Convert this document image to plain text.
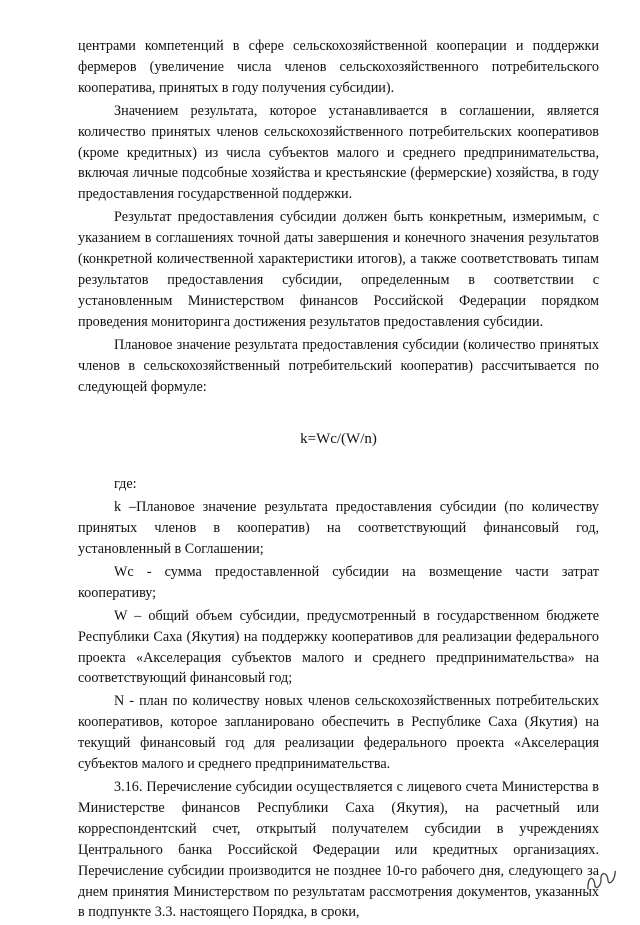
центрами компетенций в сфере сельскохозяйственной кооперации и поддержки фермеров (увеличение числа членов сельскохозяйственного потребительского кооператива, принятых в году получения субсидии).

Значением результата, которое устанавливается в соглашении, является количество принятых членов сельскохозяйственного потребительских кооперативов (кроме кредитных) из числа субъектов малого и среднего предпринимательства, включая личные подсобные хозяйства и крестьянские (фермерские) хозяйства, в году предоставления государственной поддержки.

Результат предоставления субсидии должен быть конкретным, измеримым, с указанием в соглашениях точной даты завершения и конечного значения результатов (конкретной количественной характеристики итогов), а также соответствовать типам результатов предоставления субсидии, определенным в соответствии с установленным Министерством финансов Российской Федерации порядком проведения мониторинга достижения результатов предоставления субсидии.

Плановое значение результата предоставления субсидии (количество принятых членов в сельскохозяйственный потребительский кооператив) рассчитывается по следующей формуле:

k=Wc/(W/n)

где:

k –Плановое значение результата предоставления субсидии (по количеству принятых членов в кооператив) на соответствующий финансовый год, установленный в Соглашении;

Wc - сумма предоставленной субсидии на возмещение части затрат кооперативу;

W – общий объем субсидии, предусмотренный в государственном бюджете Республики Саха (Якутия) на поддержку кооперативов для реализации федерального проекта «Акселерация субъектов малого и среднего предпринимательства» на соответствующий финансовый год;

N - план по количеству новых членов сельскохозяйственных потребительских кооперативов, которое запланировано обеспечить в Республике Саха (Якутия) на текущий финансовый год для реализации федерального проекта «Акселерация субъектов малого и среднего предпринимательства.

3.16. Перечисление субсидии осуществляется с лицевого счета Министерства в Министерстве финансов Республики Саха (Якутия), на расчетный или корреспондентский счет, открытый получателем субсидии в учреждениях Центрального банка Российской Федерации или кредитных организациях. Перечисление субсидии производится не позднее 10-го рабочего дня, следующего за днем принятия Министерством по результатам рассмотрения документов, указанных в подпункте 3.3. настоящего Порядка, в сроки,
